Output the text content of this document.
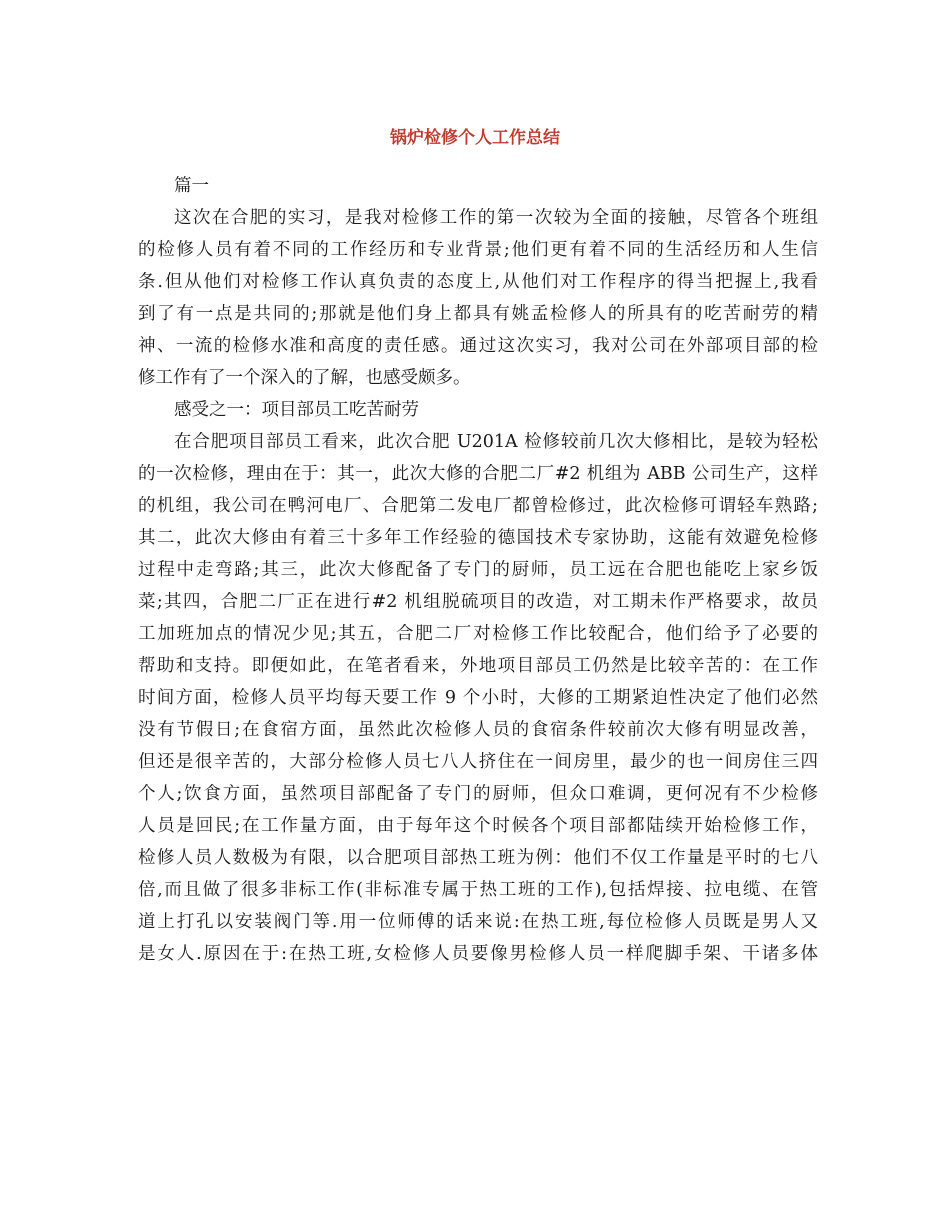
锅炉检修个人工作总结
篇一
这次在合肥的实习，是我对检修工作的第一次较为全面的接触，尽管各个班组
的检修人员有着不同的工作经历和专业背景;他们更有着不同的生活经历和人生信
条.但从他们对检修工作认真负责的态度上,从他们对工作程序的得当把握上,我看
到了有一点是共同的;那就是他们身上都具有姚孟检修人的所具有的吃苦耐劳的精
神、一流的检修水准和高度的责任感。通过这次实习，我对公司在外部项目部的检
修工作有了一个深入的了解，也感受颇多。
感受之一：项目部员工吃苦耐劳
在合肥项目部员工看来，此次合肥 U201A 检修较前几次大修相比，是较为轻松
的一次检修，理由在于：其一，此次大修的合肥二厂#2 机组为 ABB 公司生产，这样
的机组，我公司在鸭河电厂、合肥第二发电厂都曾检修过，此次检修可谓轻车熟路;
其二，此次大修由有着三十多年工作经验的德国技术专家协助，这能有效避免检修
过程中走弯路;其三，此次大修配备了专门的厨师，员工远在合肥也能吃上家乡饭
菜;其四，合肥二厂正在进行#2 机组脱硫项目的改造，对工期未作严格要求，故员
工加班加点的情况少见;其五，合肥二厂对检修工作比较配合，他们给予了必要的
帮助和支持。即便如此，在笔者看来，外地项目部员工仍然是比较辛苦的：在工作
时间方面，检修人员平均每天要工作 9 个小时，大修的工期紧迫性决定了他们必然
没有节假日;在食宿方面，虽然此次检修人员的食宿条件较前次大修有明显改善，
但还是很辛苦的，大部分检修人员七八人挤住在一间房里，最少的也一间房住三四
个人;饮食方面，虽然项目部配备了专门的厨师，但众口难调，更何况有不少检修
人员是回民;在工作量方面，由于每年这个时候各个项目部都陆续开始检修工作，
检修人员人数极为有限，以合肥项目部热工班为例：他们不仅工作量是平时的七八
倍,而且做了很多非标工作(非标准专属于热工班的工作),包括焊接、拉电缆、在管
道上打孔以安装阀门等.用一位师傅的话来说:在热工班,每位检修人员既是男人又
是女人.原因在于:在热工班,女检修人员要像男检修人员一样爬脚手架、干诸多体
